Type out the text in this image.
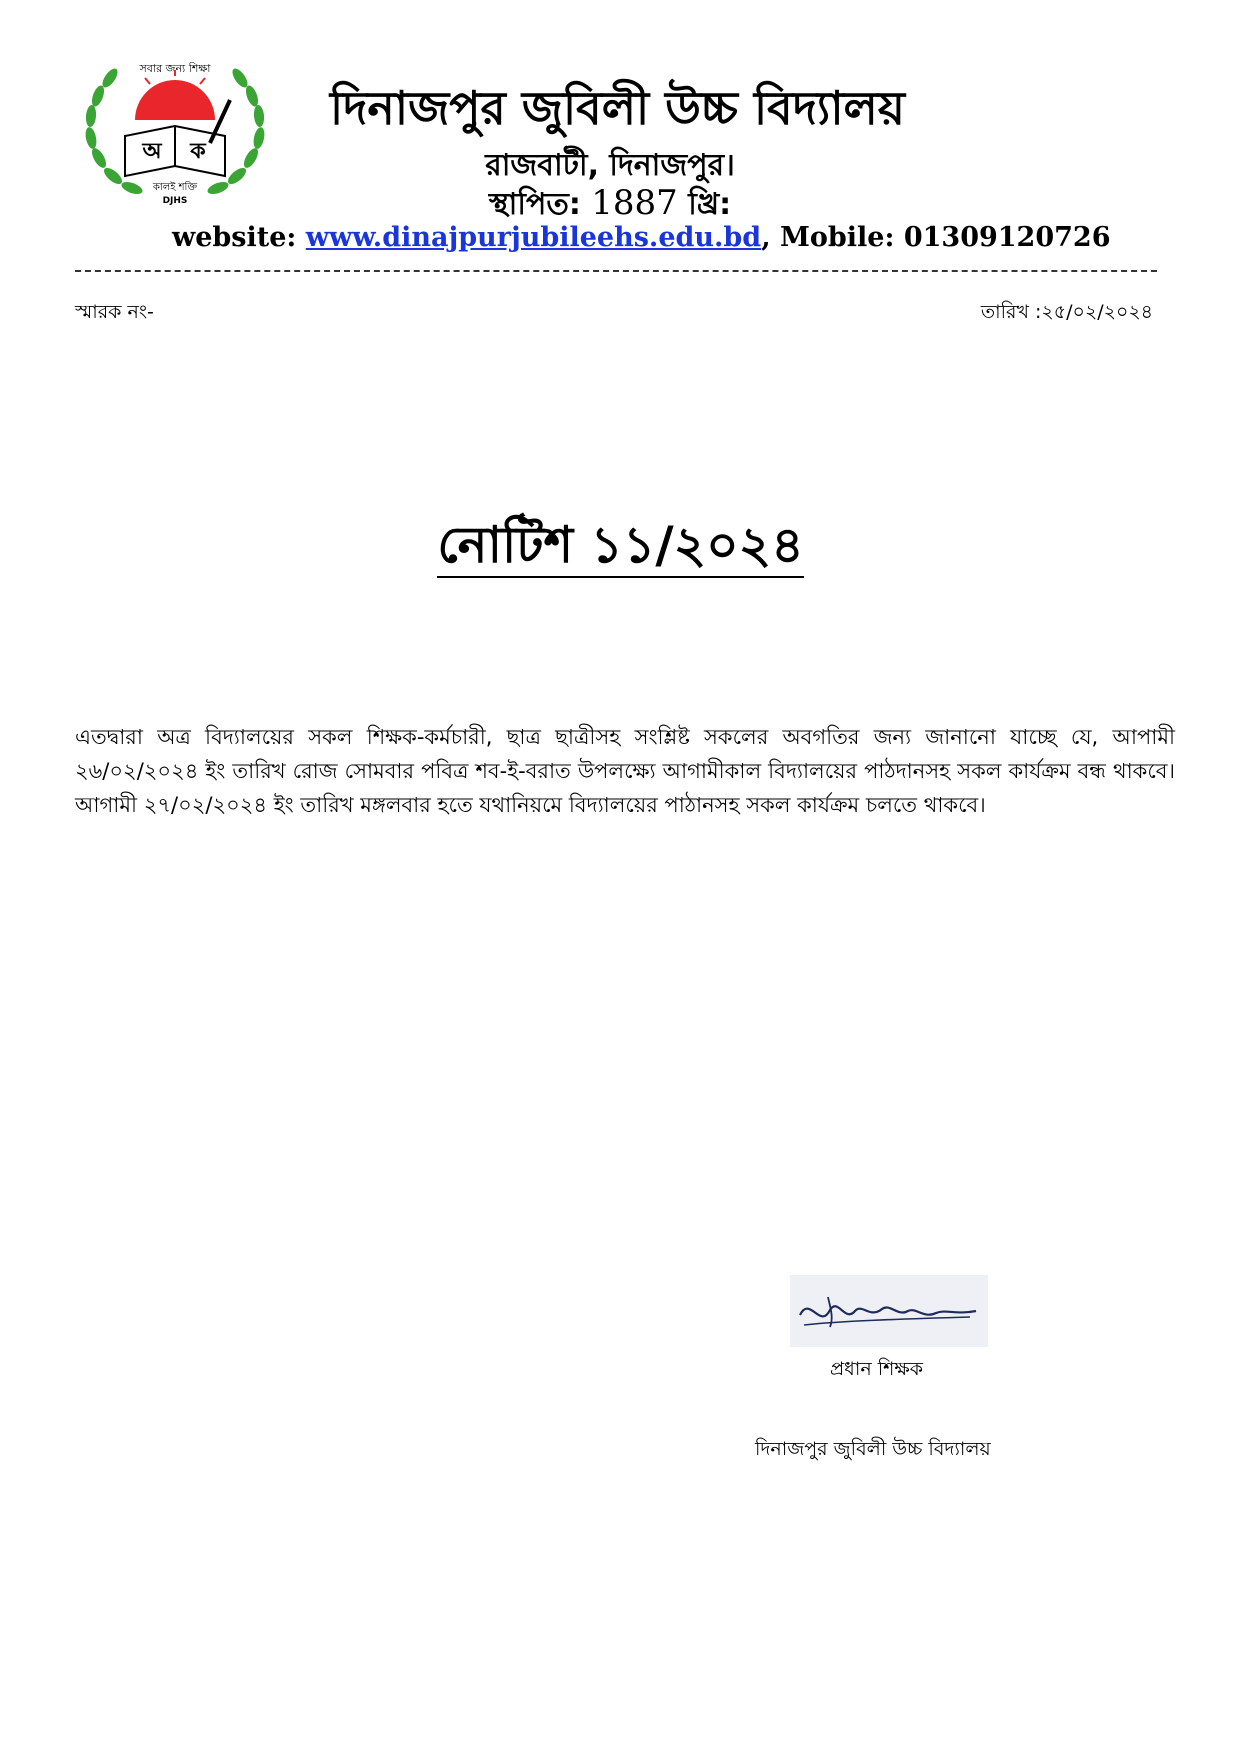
সবার জন্য শিক্ষা
অ ক
কালই শক্তি
DJHS
দিনাজপুর জুবিলী উচ্চ বিদ্যালয়
রাজবাটী, দিনাজপুর।
স্থাপিত: 1887 খ্রি:
website: www.dinajpurjubileehs.edu.bd, Mobile: 01309120726
স্মারক নং-	তারিখ :২৫/০২/২০২৪
নোটিশ ১১/২০২৪
এতদ্বারা অত্র বিদ্যালয়ের সকল শিক্ষক-কর্মচারী, ছাত্র ছাত্রীসহ সংশ্লিষ্ট সকলের অবগতির জন্য জানানো যাচ্ছে যে, আপামী ২৬/০২/২০২৪ ইং তারিখ রোজ সোমবার পবিত্র শব-ই-বরাত উপলক্ষ্যে আগামীকাল বিদ্যালয়ের পাঠদানসহ সকল কার্যক্রম বন্ধ থাকবে। আগামী ২৭/০২/২০২৪ ইং তারিখ মঙ্গলবার হতে যথানিয়মে বিদ্যালয়ের পাঠানসহ সকল কার্যক্রম চলতে থাকবে।
প্রধান শিক্ষক
দিনাজপুর জুবিলী উচ্চ বিদ্যালয়
